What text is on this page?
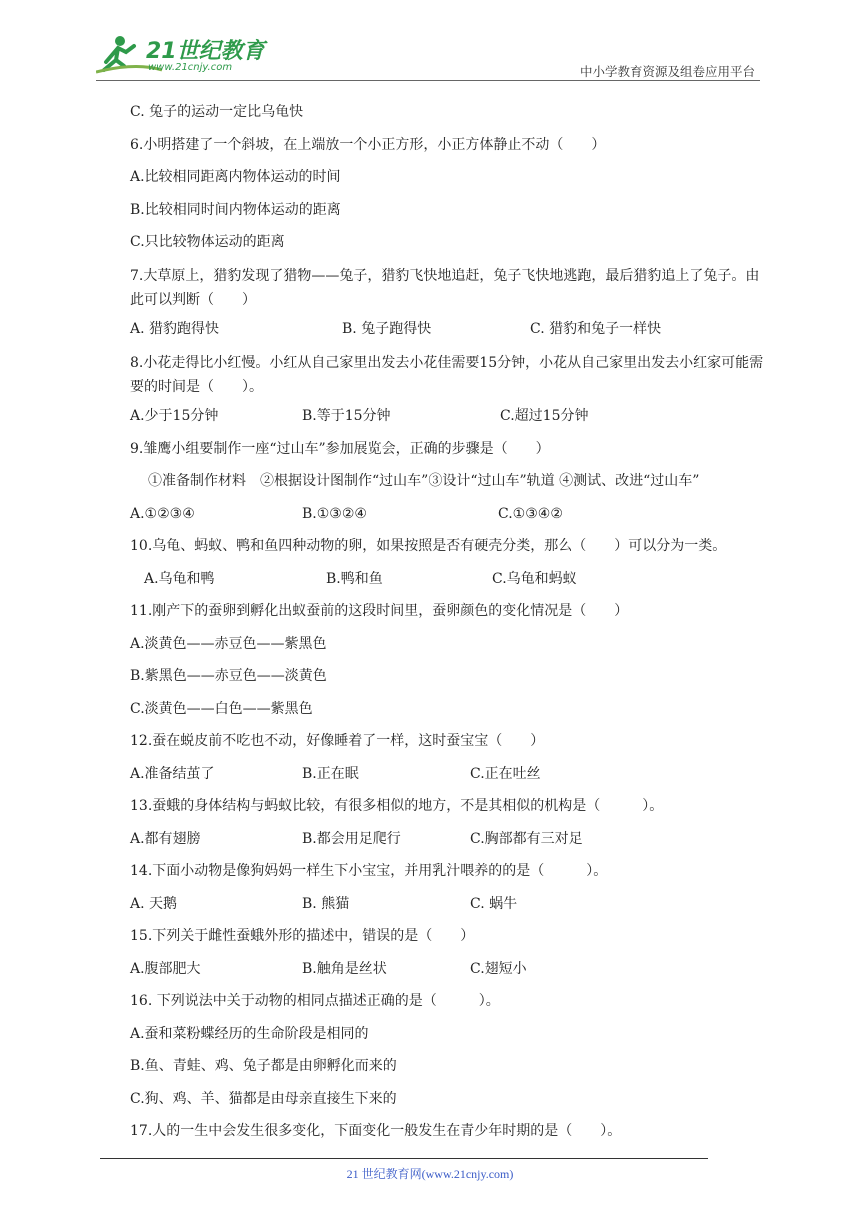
21世纪教育
www.21cnjy.com	中小学教育资源及组卷应用平台
C. 兔子的运动一定比乌龟快
6.小明搭建了一个斜坡，在上端放一个小正方形，小正方体静止不动（　　）
A.比较相同距离内物体运动的时间
B.比较相同时间内物体运动的距离
C.只比较物体运动的距离
7.大草原上，猎豹发现了猎物——兔子，猎豹飞快地追赶，兔子飞快地逃跑，最后猎豹追上了兔子。由此可以判断（　　）
A. 猎豹跑得快	B. 兔子跑得快	C. 猎豹和兔子一样快
8.小花走得比小红慢。小红从自己家里出发去小花佳需要15分钟，小花从自己家里出发去小红家可能需要的时间是（　　）。
A.少于15分钟	B.等于15分钟	C.超过15分钟
9.雏鹰小组要制作一座“过山车”参加展览会，正确的步骤是（　　）
①准备制作材料　②根据设计图制作“过山车”③设计“过山车”轨道 ④测试、改进“过山车”
A.①②③④	B.①③②④	C.①③④②
10.乌龟、蚂蚁、鸭和鱼四种动物的卵，如果按照是否有硬壳分类，那么（　　）可以分为一类。
A.乌龟和鸭	B.鸭和鱼	C.乌龟和蚂蚁
11.刚产下的蚕卵到孵化出蚁蚕前的这段时间里，蚕卵颜色的变化情况是（　　）
A.淡黄色——赤豆色——紫黑色
B.紫黑色——赤豆色——淡黄色
C.淡黄色——白色——紫黑色
12.蚕在蜕皮前不吃也不动，好像睡着了一样，这时蚕宝宝（　　）
A.准备结茧了	B.正在眠	C.正在吐丝
13.蚕蛾的身体结构与蚂蚁比较，有很多相似的地方，不是其相似的机构是（　　　）。
A.都有翅膀	B.都会用足爬行	C.胸部都有三对足
14.下面小动物是像狗妈妈一样生下小宝宝，并用乳汁喂养的的是（　　　）。
A. 天鹅	B. 熊猫	C. 蜗牛
15.下列关于雌性蚕蛾外形的描述中，错误的是（　　）
A.腹部肥大	B.触角是丝状	C.翅短小
16. 下列说法中关于动物的相同点描述正确的是（　　　）。
A.蚕和菜粉蝶经历的生命阶段是相同的
B.鱼、青蛙、鸡、兔子都是由卵孵化而来的
C.狗、鸡、羊、猫都是由母亲直接生下来的
17.人的一生中会发生很多变化，下面变化一般发生在青少年时期的是（　　）。
21 世纪教育网(www.21cnjy.com)
